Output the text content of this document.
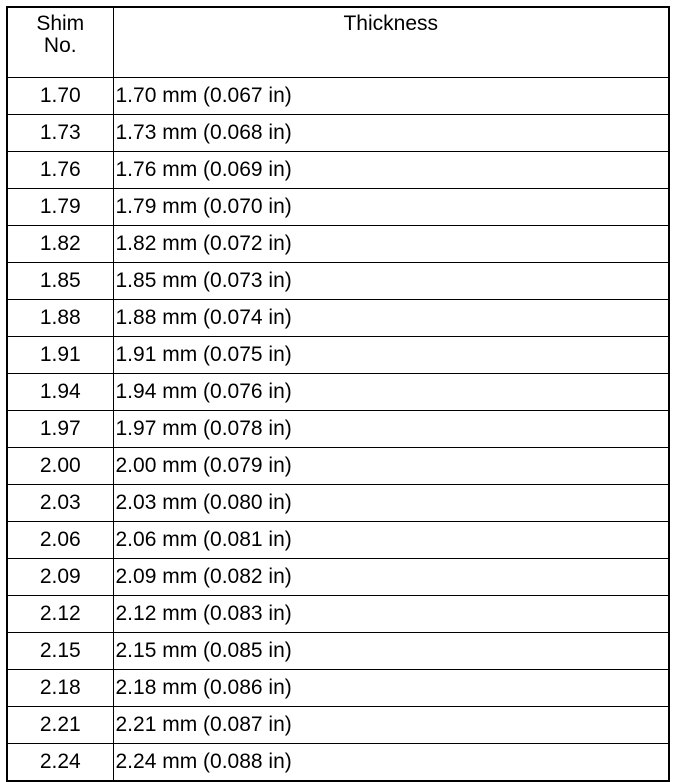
Shim
No.	Thickness
1.70	1.70 mm (0.067 in)
1.73	1.73 mm (0.068 in)
1.76	1.76 mm (0.069 in)
1.79	1.79 mm (0.070 in)
1.82	1.82 mm (0.072 in)
1.85	1.85 mm (0.073 in)
1.88	1.88 mm (0.074 in)
1.91	1.91 mm (0.075 in)
1.94	1.94 mm (0.076 in)
1.97	1.97 mm (0.078 in)
2.00	2.00 mm (0.079 in)
2.03	2.03 mm (0.080 in)
2.06	2.06 mm (0.081 in)
2.09	2.09 mm (0.082 in)
2.12	2.12 mm (0.083 in)
2.15	2.15 mm (0.085 in)
2.18	2.18 mm (0.086 in)
2.21	2.21 mm (0.087 in)
2.24	2.24 mm (0.088 in)
